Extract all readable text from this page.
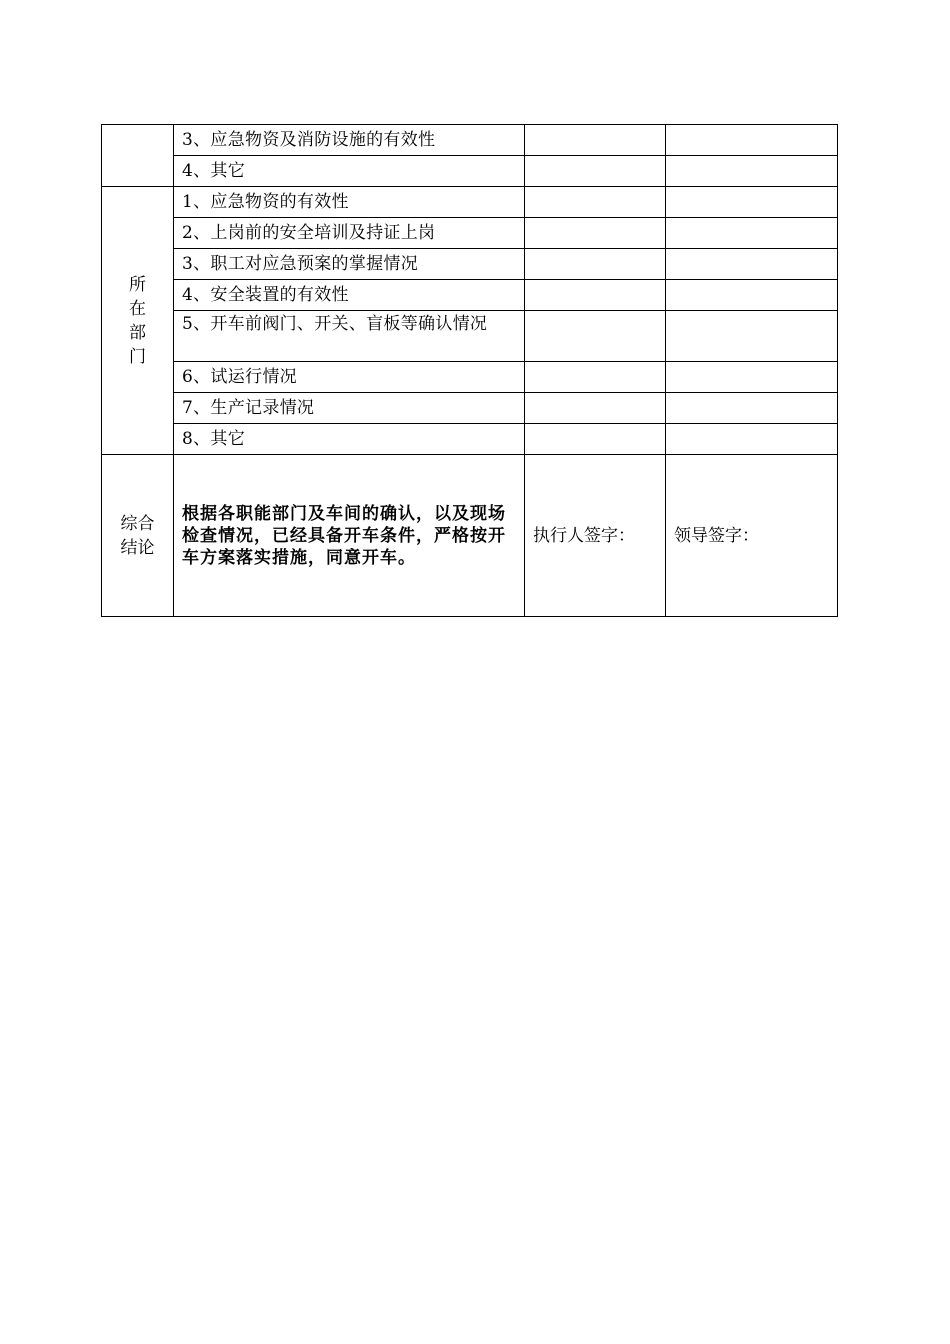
	3、应急物资及消防设施的有效性		
	4、其它		
所在部门	1、应急物资的有效性		
	2、上岗前的安全培训及持证上岗		
	3、职工对应急预案的掌握情况		
	4、安全装置的有效性		
	5、开车前阀门、开关、盲板等确认情况		
	6、试运行情况		
	7、生产记录情况		
	8、其它		
综合结论	根据各职能部门及车间的确认，以及现场检查情况，已经具备开车条件，严格按开车方案落实措施，同意开车。	执行人签字：	领导签字：
